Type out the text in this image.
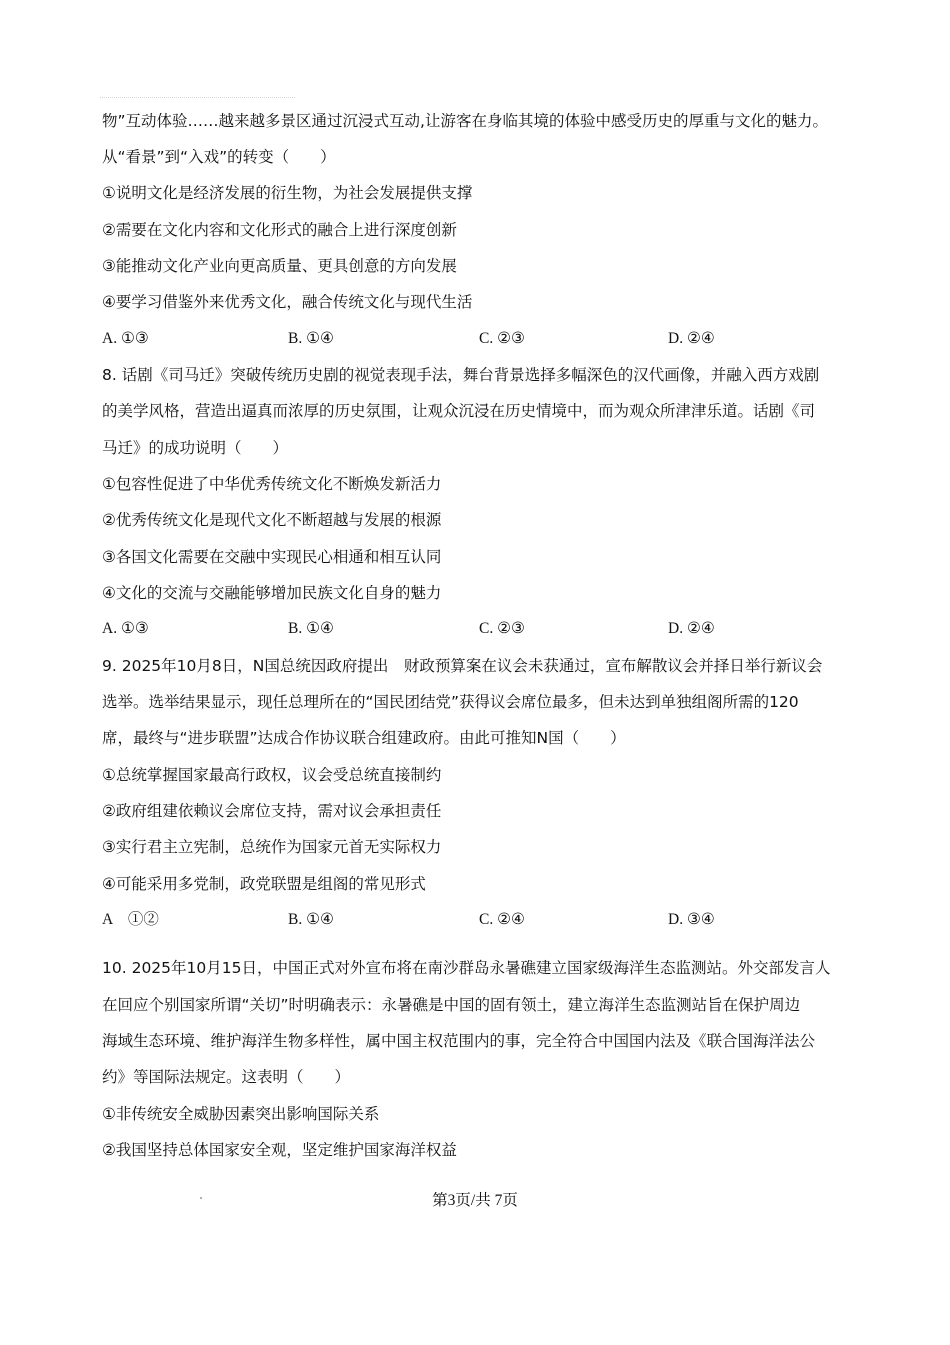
物”互动体验……越来越多景区通过沉浸式互动,让游客在身临其境的体验中感受历史的厚重与文化的魅力。
从“看景”到“入戏”的转变（　　）
①说明文化是经济发展的衍生物，为社会发展提供支撑
②需要在文化内容和文化形式的融合上进行深度创新
③能推动文化产业向更高质量、更具创意的方向发展
④要学习借鉴外来优秀文化，融合传统文化与现代生活
A. ①③	B. ①④	C. ②③	D. ②④
8. 话剧《司马迁》突破传统历史剧的视觉表现手法，舞台背景选择多幅深色的汉代画像，并融入西方戏剧
的美学风格，营造出逼真而浓厚的历史氛围，让观众沉浸在历史情境中，而为观众所津津乐道。话剧《司
马迁》的成功说明（　　）
①包容性促进了中华优秀传统文化不断焕发新活力
②优秀传统文化是现代文化不断超越与发展的根源
③各国文化需要在交融中实现民心相通和相互认同
④文化的交流与交融能够增加民族文化自身的魅力
A. ①③	B. ①④	C. ②③	D. ②④
9. 2025年10月8日，N国总统因政府提出　财政预算案在议会未获通过，宣布解散议会并择日举行新议会
选举。选举结果显示，现任总理所在的“国民团结党”获得议会席位最多，但未达到单独组阁所需的120
席，最终与“进步联盟”达成合作协议联合组建政府。由此可推知N国（　　）
①总统掌握国家最高行政权，议会受总统直接制约
②政府组建依赖议会席位支持，需对议会承担责任
③实行君主立宪制，总统作为国家元首无实际权力
④可能采用多党制，政党联盟是组阁的常见形式
A　①②	B. ①④	C. ②④	D. ③④
10. 2025年10月15日，中国正式对外宣布将在南沙群岛永暑礁建立国家级海洋生态监测站。外交部发言人
在回应个别国家所谓“关切”时明确表示：永暑礁是中国的固有领土，建立海洋生态监测站旨在保护周边
海域生态环境、维护海洋生物多样性，属中国主权范围内的事，完全符合中国国内法及《联合国海洋法公
约》等国际法规定。这表明（　　）
①非传统安全威胁因素突出影响国际关系
②我国坚持总体国家安全观，坚定维护国家海洋权益
第3页/共 7页
